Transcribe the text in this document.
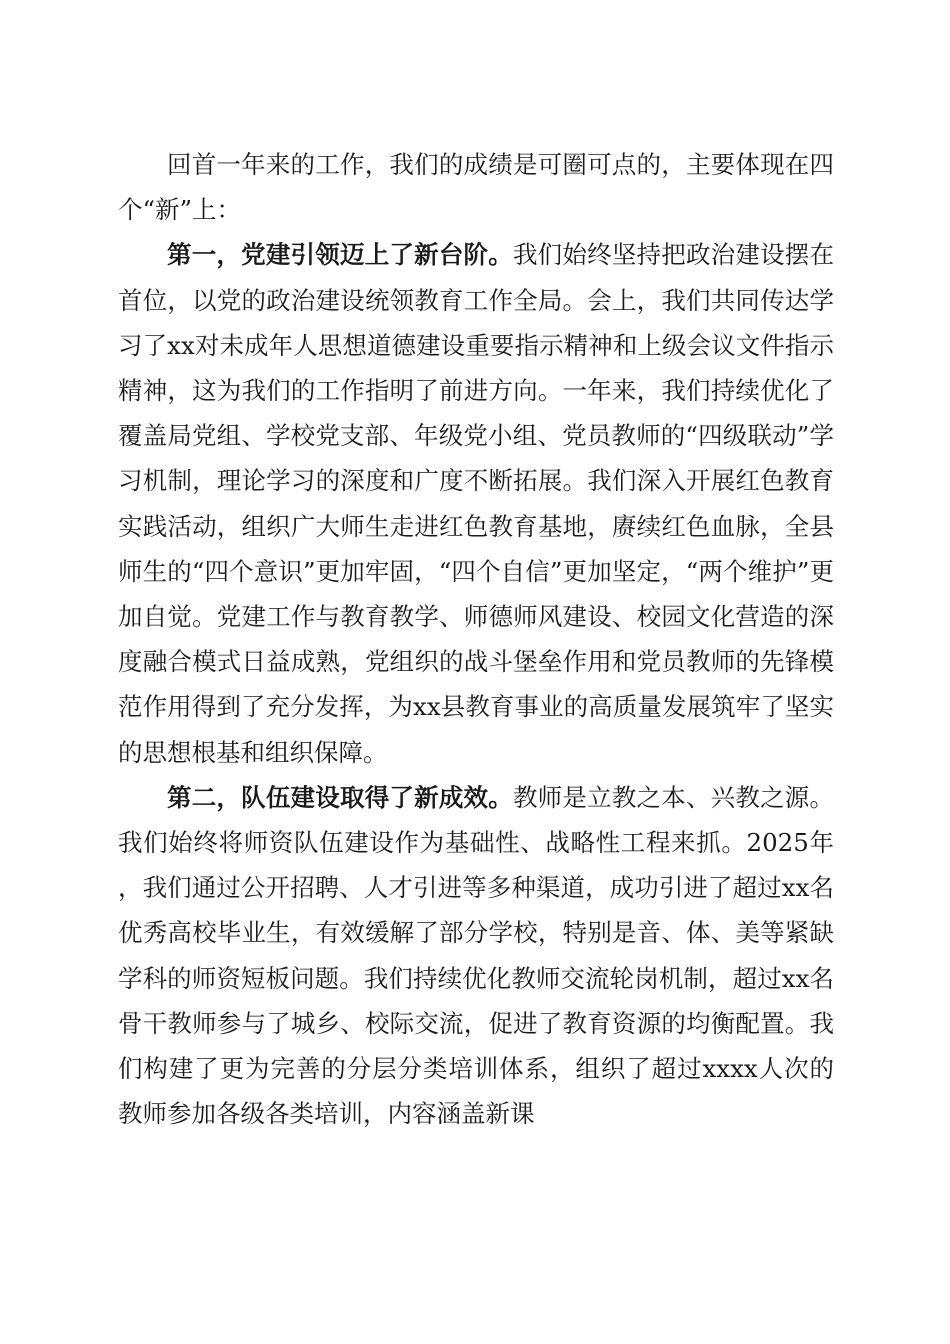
回首一年来的工作，我们的成绩是可圈可点的，主要体现在四个“新”上：

第一，党建引领迈上了新台阶。我们始终坚持把政治建设摆在首位，以党的政治建设统领教育工作全局。会上，我们共同传达学习了xx对未成年人思想道德建设重要指示精神和上级会议文件指示精神，这为我们的工作指明了前进方向。一年来，我们持续优化了覆盖局党组、学校党支部、年级党小组、党员教师的“四级联动”学习机制，理论学习的深度和广度不断拓展。我们深入开展红色教育实践活动，组织广大师生走进红色教育基地，赓续红色血脉，全县师生的“四个意识”更加牢固，“四个自信”更加坚定，“两个维护”更加自觉。党建工作与教育教学、师德师风建设、校园文化营造的深度融合模式日益成熟，党组织的战斗堡垒作用和党员教师的先锋模范作用得到了充分发挥，为xx县教育事业的高质量发展筑牢了坚实的思想根基和组织保障。

第二，队伍建设取得了新成效。教师是立教之本、兴教之源。我们始终将师资队伍建设作为基础性、战略性工程来抓。2025年，我们通过公开招聘、人才引进等多种渠道，成功引进了超过xx名优秀高校毕业生，有效缓解了部分学校，特别是音、体、美等紧缺学科的师资短板问题。我们持续优化教师交流轮岗机制，超过xx名骨干教师参与了城乡、校际交流，促进了教育资源的均衡配置。我们构建了更为完善的分层分类培训体系，组织了超过xxxx人次的教师参加各级各类培训，内容涵盖新课
